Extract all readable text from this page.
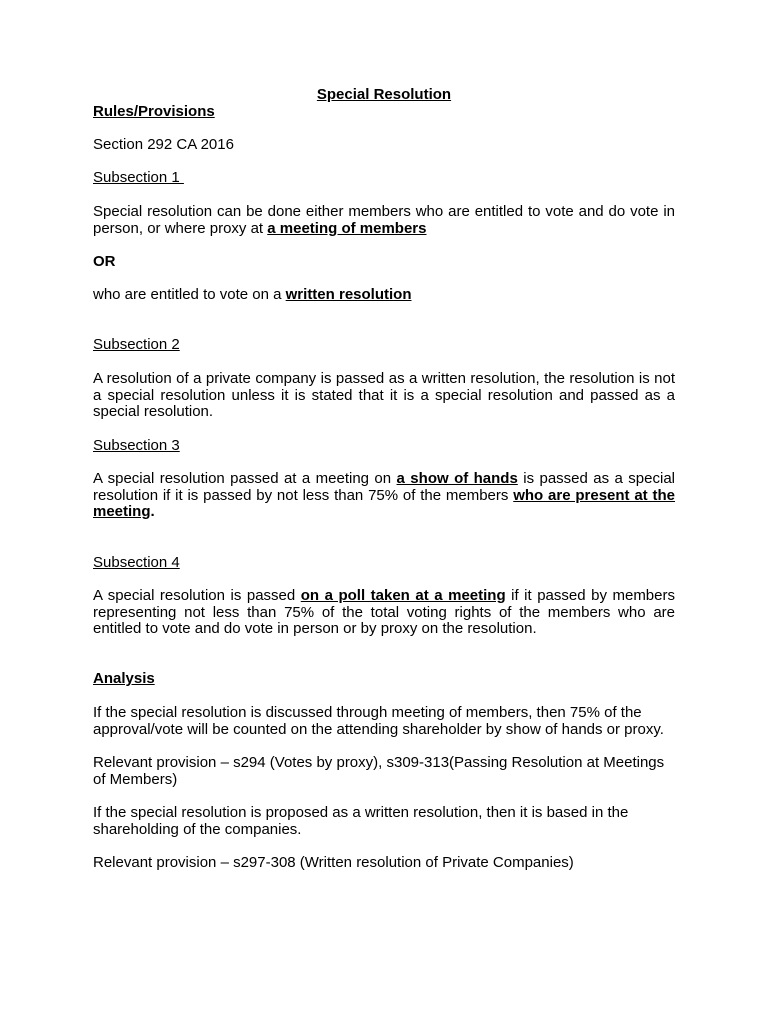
Special Resolution

Rules/Provisions

Section 292 CA 2016

Subsection 1

Special resolution can be done either members who are entitled to vote and do vote in person, or where proxy at a meeting of members

OR

who are entitled to vote on a written resolution

Subsection 2

A resolution of a private company is passed as a written resolution, the resolution is not a special resolution unless it is stated that it is a special resolution and passed as a special resolution.

Subsection 3

A special resolution passed at a meeting on a show of hands is passed as a special resolution if it is passed by not less than 75% of the members who are present at the meeting.

Subsection 4

A special resolution is passed on a poll taken at a meeting if it passed by members representing not less than 75% of the total voting rights of the members who are entitled to vote and do vote in person or by proxy on the resolution.

Analysis

If the special resolution is discussed through meeting of members, then 75% of the approval/vote will be counted on the attending shareholder by show of hands or proxy.

Relevant provision – s294 (Votes by proxy), s309-313(Passing Resolution at Meetings of Members)

If the special resolution is proposed as a written resolution, then it is based in the shareholding of the companies.

Relevant provision – s297-308 (Written resolution of Private Companies)
